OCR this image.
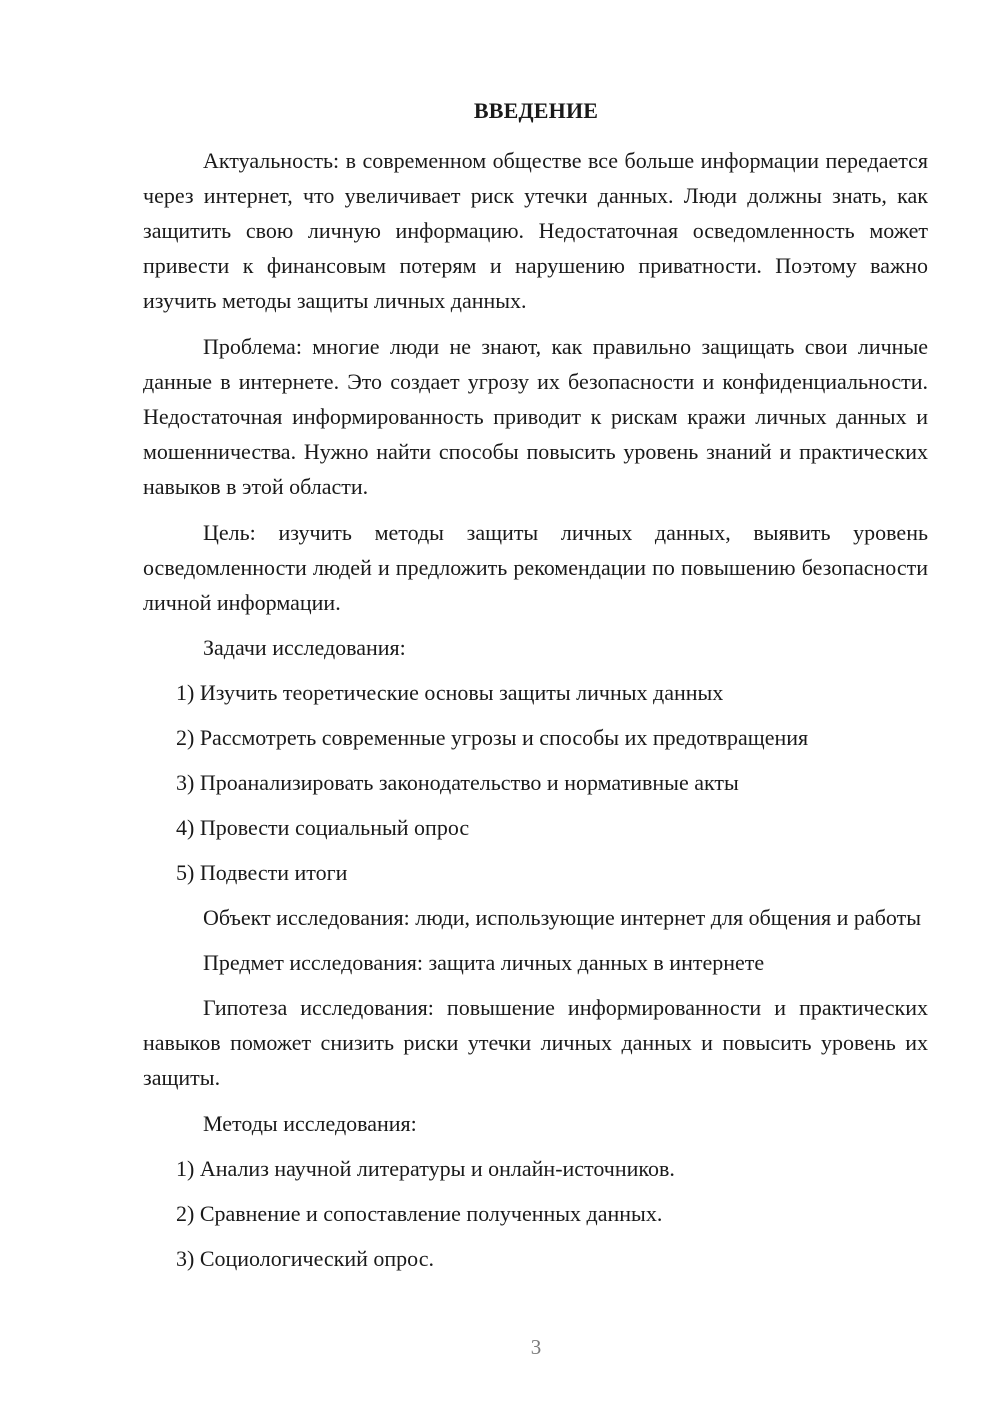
ВВЕДЕНИЕ

Актуальность: в современном обществе все больше информации передается через интернет, что увеличивает риск утечки данных. Люди должны знать, как защитить свою личную информацию. Недостаточная осведомленность может привести к финансовым потерям и нарушению приватности. Поэтому важно изучить методы защиты личных данных.

Проблема: многие люди не знают, как правильно защищать свои личные данные в интернете. Это создает угрозу их безопасности и конфиденциальности. Недостаточная информированность приводит к рискам кражи личных данных и мошенничества. Нужно найти способы повысить уровень знаний и практических навыков в этой области.

Цель: изучить методы защиты личных данных, выявить уровень осведомленности людей и предложить рекомендации по повышению безопасности личной информации.

Задачи исследования:

1) Изучить теоретические основы защиты личных данных

2) Рассмотреть современные угрозы и способы их предотвращения

3) Проанализировать законодательство и нормативные акты

4) Провести социальный опрос

5) Подвести итоги

Объект исследования: люди, использующие интернет для общения и работы

Предмет исследования: защита личных данных в интернете

Гипотеза исследования: повышение информированности и практических навыков поможет снизить риски утечки личных данных и повысить уровень их защиты.

Методы исследования:

1) Анализ научной литературы и онлайн-источников.

2) Сравнение и сопоставление полученных данных.

3) Социологический опрос.

3
